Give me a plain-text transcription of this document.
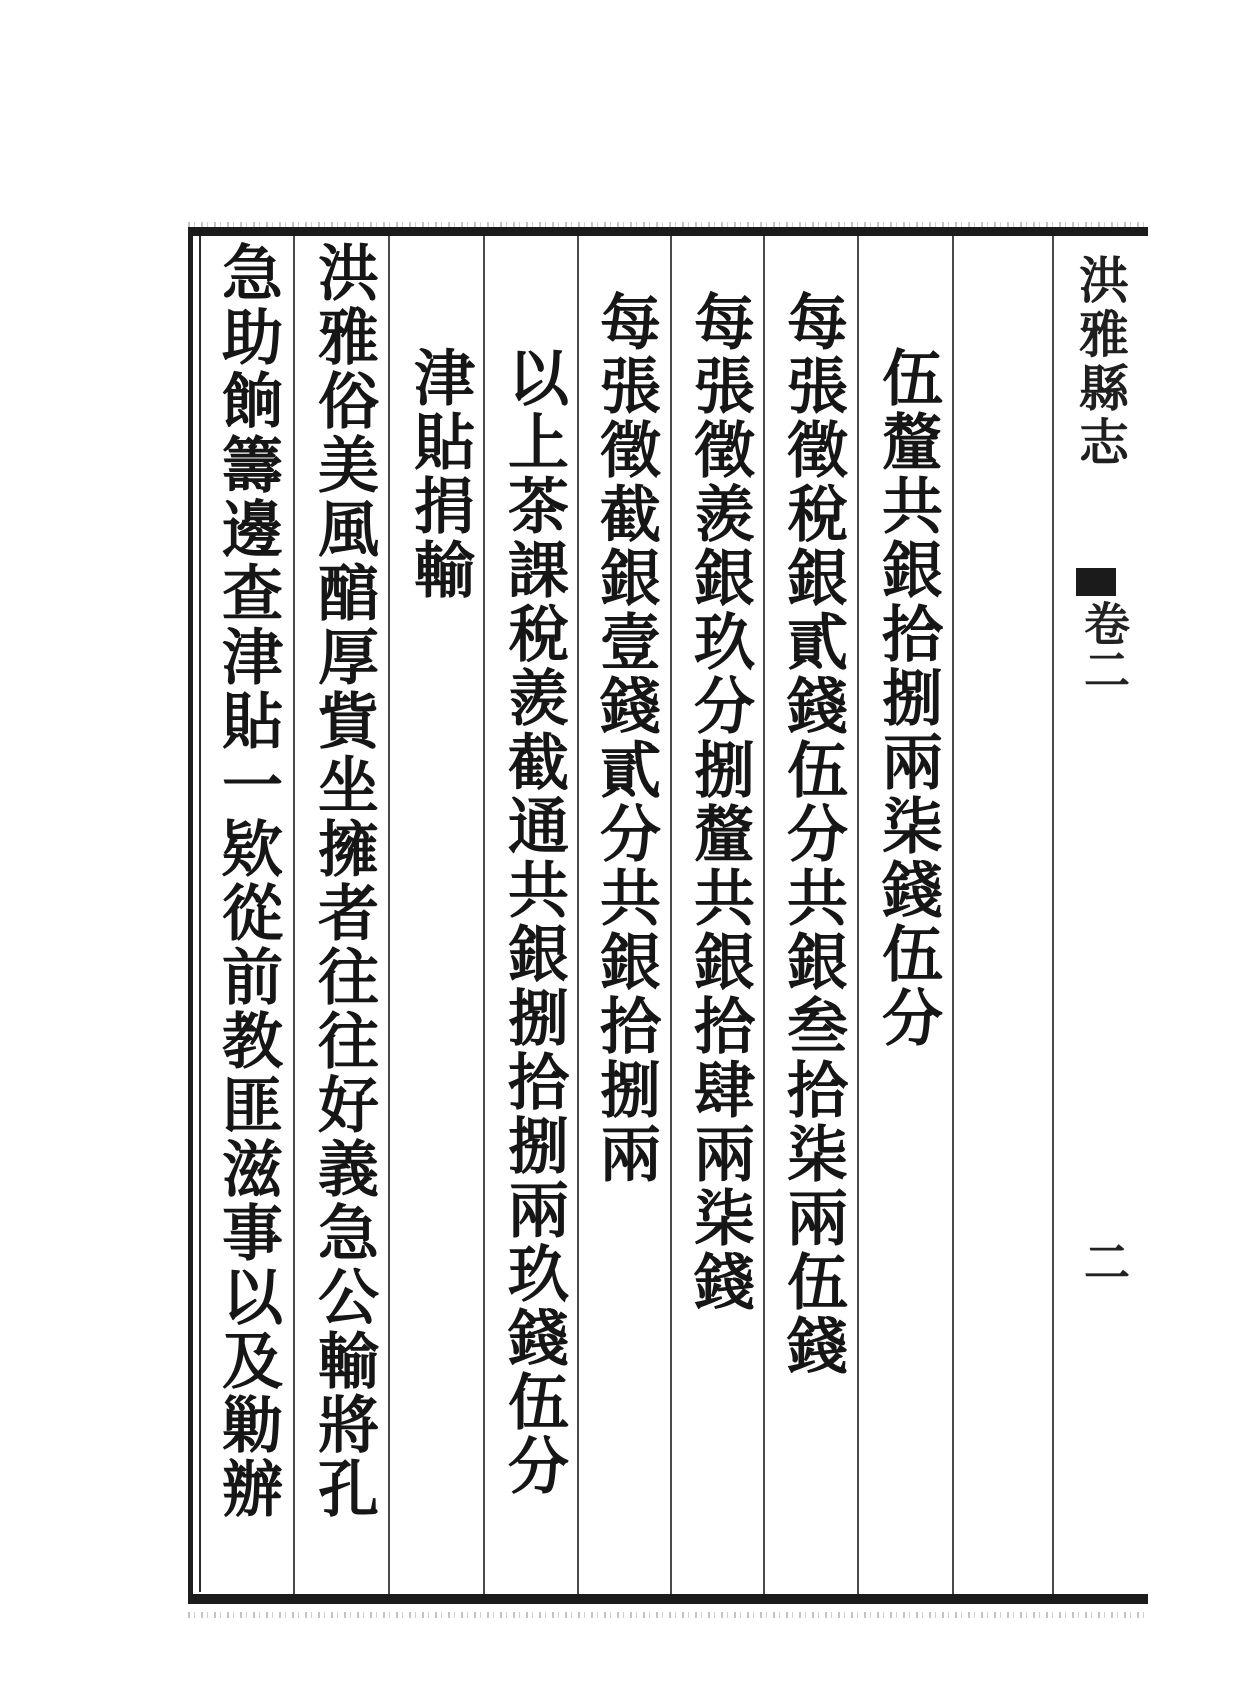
洪雅縣志
卷二
二
伍釐共銀拾捌兩柒錢伍分
每張徵稅銀貳錢伍分共銀叁拾柒兩伍錢
每張徵羨銀玖分捌釐共銀拾肆兩柒錢
每張徵截銀壹錢貳分共銀拾捌兩
以上茶課稅羨截通共銀捌拾捌兩玖錢伍分
津貼捐輸
洪雅俗美風醕厚貲坐擁者往往好義急公輸將孔
急助餉籌邊查津貼一欵從前教匪滋事以及勦辦
